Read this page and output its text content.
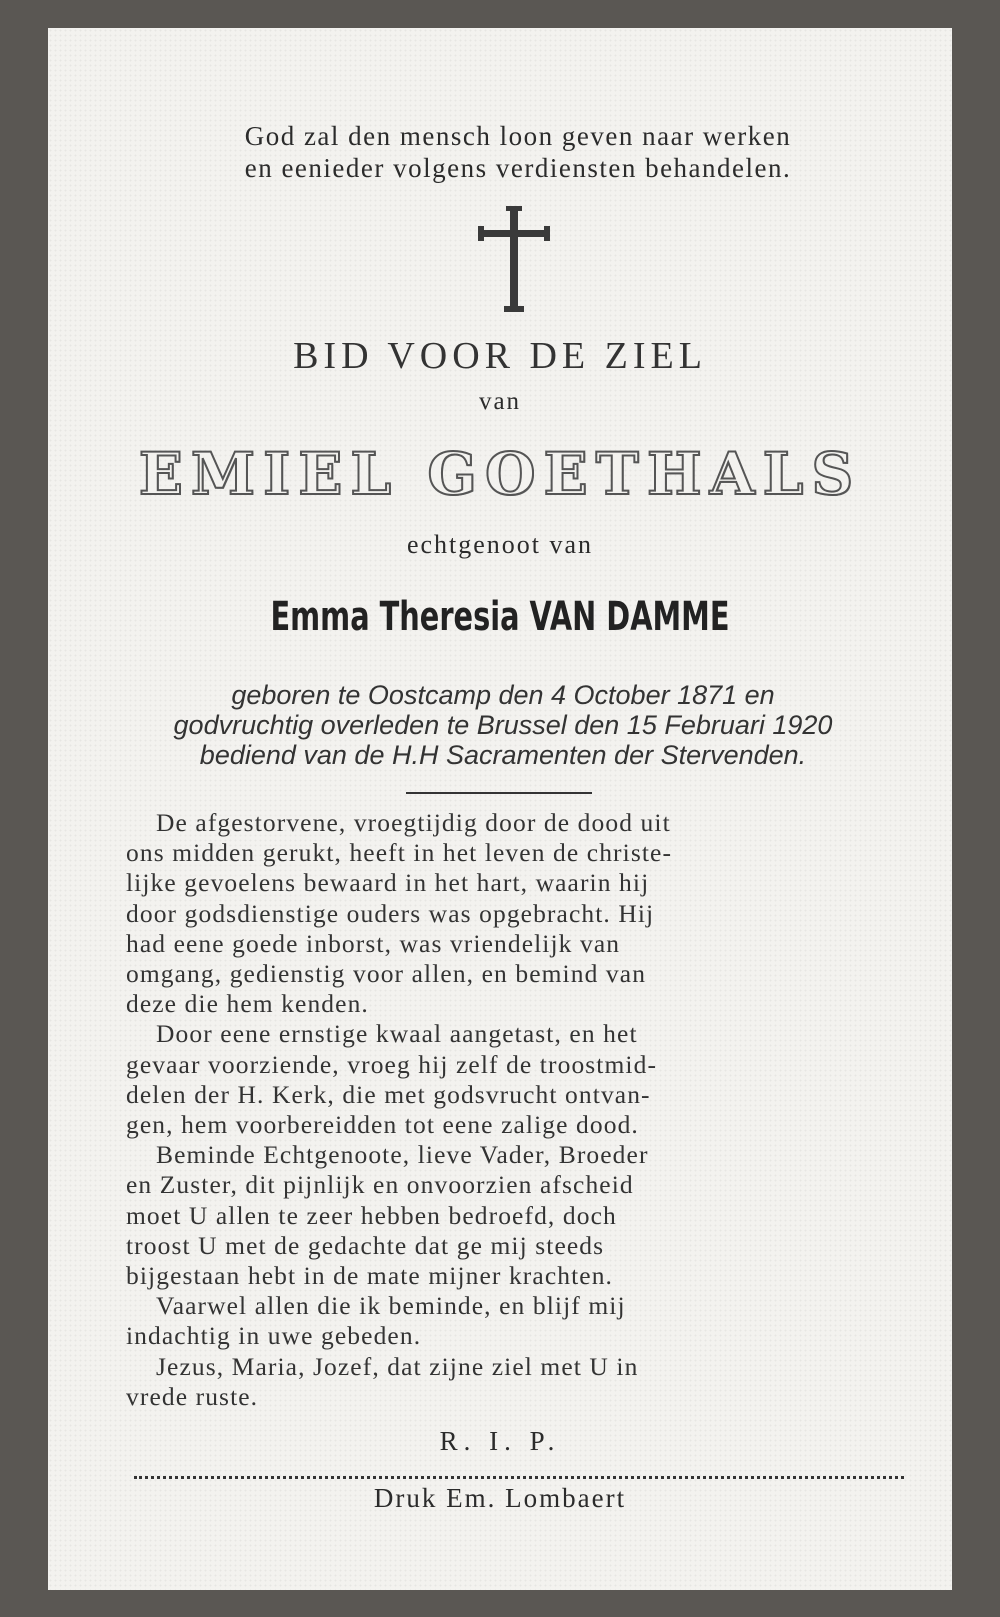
God zal den mensch loon geven naar werken
en eenieder volgens verdiensten behandelen.
BID VOOR DE ZIEL
van
EMIEL GOETHALS
echtgenoot van
Emma Theresia VAN DAMME
geboren te Oostcamp den 4 October 1871 en
godvruchtig overleden te Brussel den 15 Februari 1920
bediend van de H.H Sacramenten der Stervenden.
De afgestorvene, vroegtijdig door de dood uit
ons midden gerukt, heeft in het leven de christe-
lijke gevoelens bewaard in het hart, waarin hij
door godsdienstige ouders was opgebracht. Hij
had eene goede inborst, was vriendelijk van
omgang, gedienstig voor allen, en bemind van
deze die hem kenden.
Door eene ernstige kwaal aangetast, en het
gevaar voorziende, vroeg hij zelf de troostmid-
delen der H. Kerk, die met godsvrucht ontvan-
gen, hem voorbereidden tot eene zalige dood.
Beminde Echtgenoote, lieve Vader, Broeder
en Zuster, dit pijnlijk en onvoorzien afscheid
moet U allen te zeer hebben bedroefd, doch
troost U met de gedachte dat ge mij steeds
bijgestaan hebt in de mate mijner krachten.
Vaarwel allen die ik beminde, en blijf mij
indachtig in uwe gebeden.
Jezus, Maria, Jozef, dat zijne ziel met U in
vrede ruste.
R. I. P.
Druk Em. Lombaert
